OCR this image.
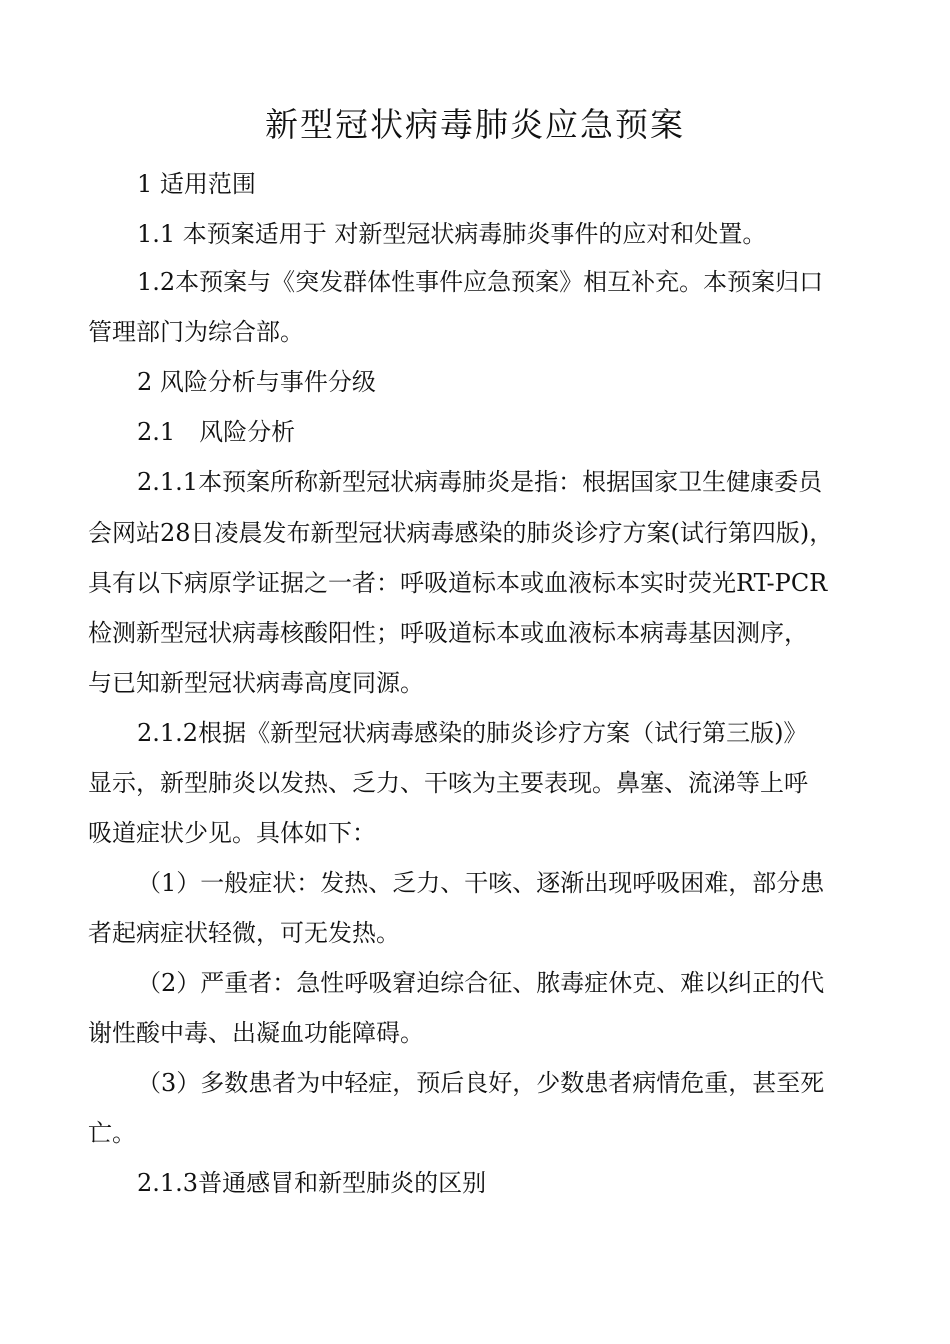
新型冠状病毒肺炎应急预案

1 适用范围

1.1 本预案适用于 对新型冠状病毒肺炎事件的应对和处置。

1.2本预案与《突发群体性事件应急预案》相互补充。本预案归口

管理部门为综合部。

2 风险分析与事件分级

2.1　风险分析

2.1.1本预案所称新型冠状病毒肺炎是指：根据国家卫生健康委员

会网站28日凌晨发布新型冠状病毒感染的肺炎诊疗方案(试行第四版)，

具有以下病原学证据之一者：呼吸道标本或血液标本实时荧光RT-PCR

检测新型冠状病毒核酸阳性；呼吸道标本或血液标本病毒基因测序，

与已知新型冠状病毒高度同源。

2.1.2根据《新型冠状病毒感染的肺炎诊疗方案（试行第三版)》

显示，新型肺炎以发热、乏力、干咳为主要表现。鼻塞、流涕等上呼

吸道症状少见。具体如下：

（1）一般症状：发热、乏力、干咳、逐渐出现呼吸困难，部分患

者起病症状轻微，可无发热。

（2）严重者：急性呼吸窘迫综合征、脓毒症休克、难以纠正的代

谢性酸中毒、出凝血功能障碍。

（3）多数患者为中轻症，预后良好，少数患者病情危重，甚至死

亡。

2.1.3普通感冒和新型肺炎的区别
